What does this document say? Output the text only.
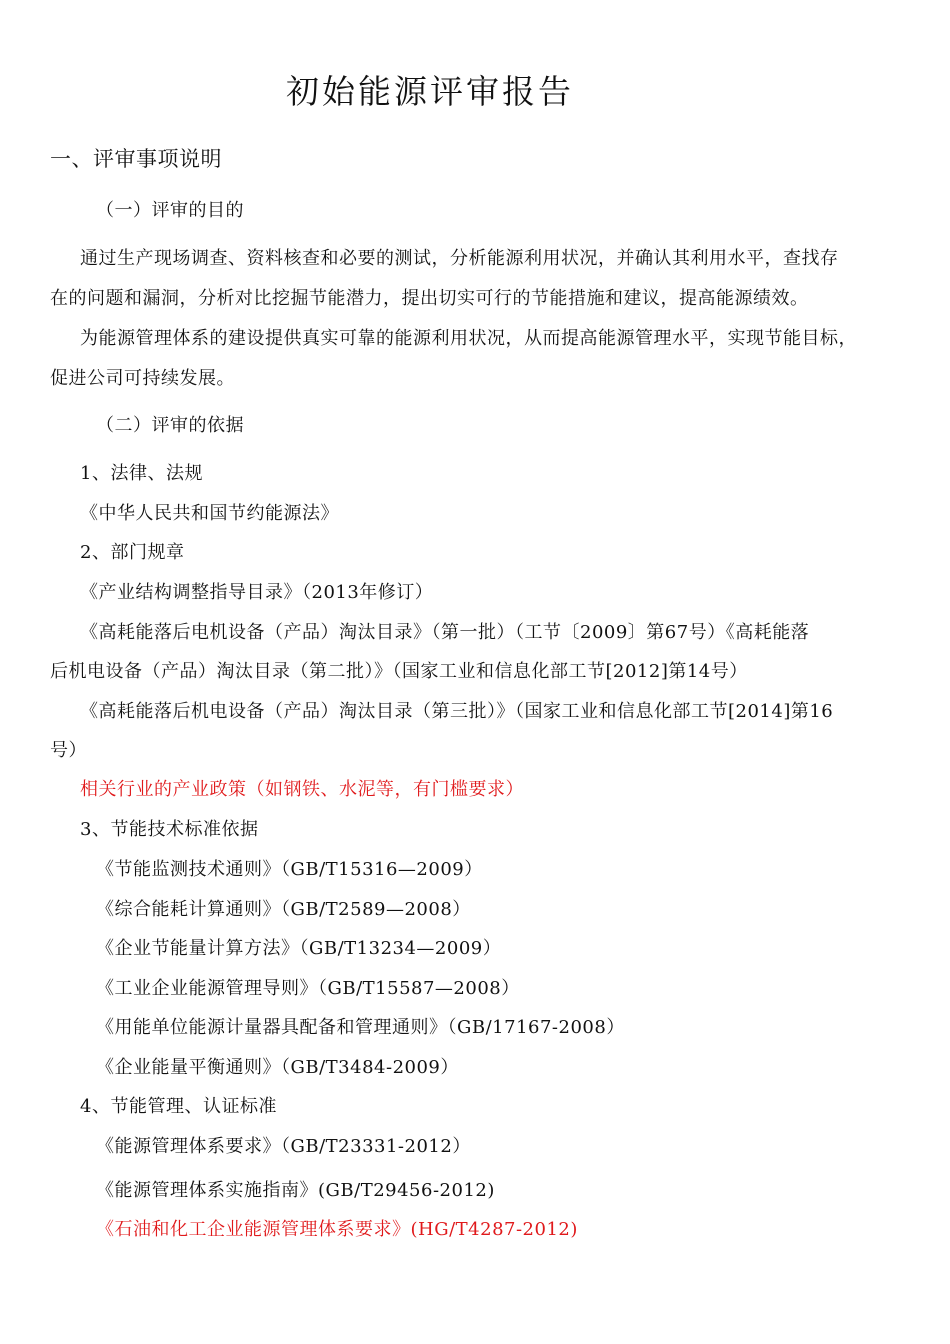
初始能源评审报告
一、评审事项说明
（一）评审的目的
通过生产现场调查、资料核查和必要的测试，分析能源利用状况，并确认其利用水平，查找存
在的问题和漏洞，分析对比挖掘节能潜力，提出切实可行的节能措施和建议，提高能源绩效。
为能源管理体系的建设提供真实可靠的能源利用状况，从而提高能源管理水平，实现节能目标，
促进公司可持续发展。
（二）评审的依据
1、法律、法规
《中华人民共和国节约能源法》
2、部门规章
《产业结构调整指导目录》（2013年修订）
《高耗能落后电机设备（产品）淘汰目录》（第一批）（工节〔2009〕第67号）《高耗能落
后机电设备（产品）淘汰目录（第二批）》（国家工业和信息化部工节[2012]第14号）
《高耗能落后机电设备（产品）淘汰目录（第三批）》（国家工业和信息化部工节[2014]第16
号）
相关行业的产业政策（如钢铁、水泥等，有门槛要求）
3、节能技术标准依据
《节能监测技术通则》（GB/T15316—2009）
《综合能耗计算通则》（GB/T2589—2008）
《企业节能量计算方法》（GB/T13234—2009）
《工业企业能源管理导则》（GB/T15587—2008）
《用能单位能源计量器具配备和管理通则》（GB/17167-2008）
《企业能量平衡通则》（GB/T3484-2009）
4、节能管理、认证标准
《能源管理体系要求》（GB/T23331-2012）
《能源管理体系实施指南》(GB/T29456-2012)
《石油和化工企业能源管理体系要求》(HG/T4287-2012)
